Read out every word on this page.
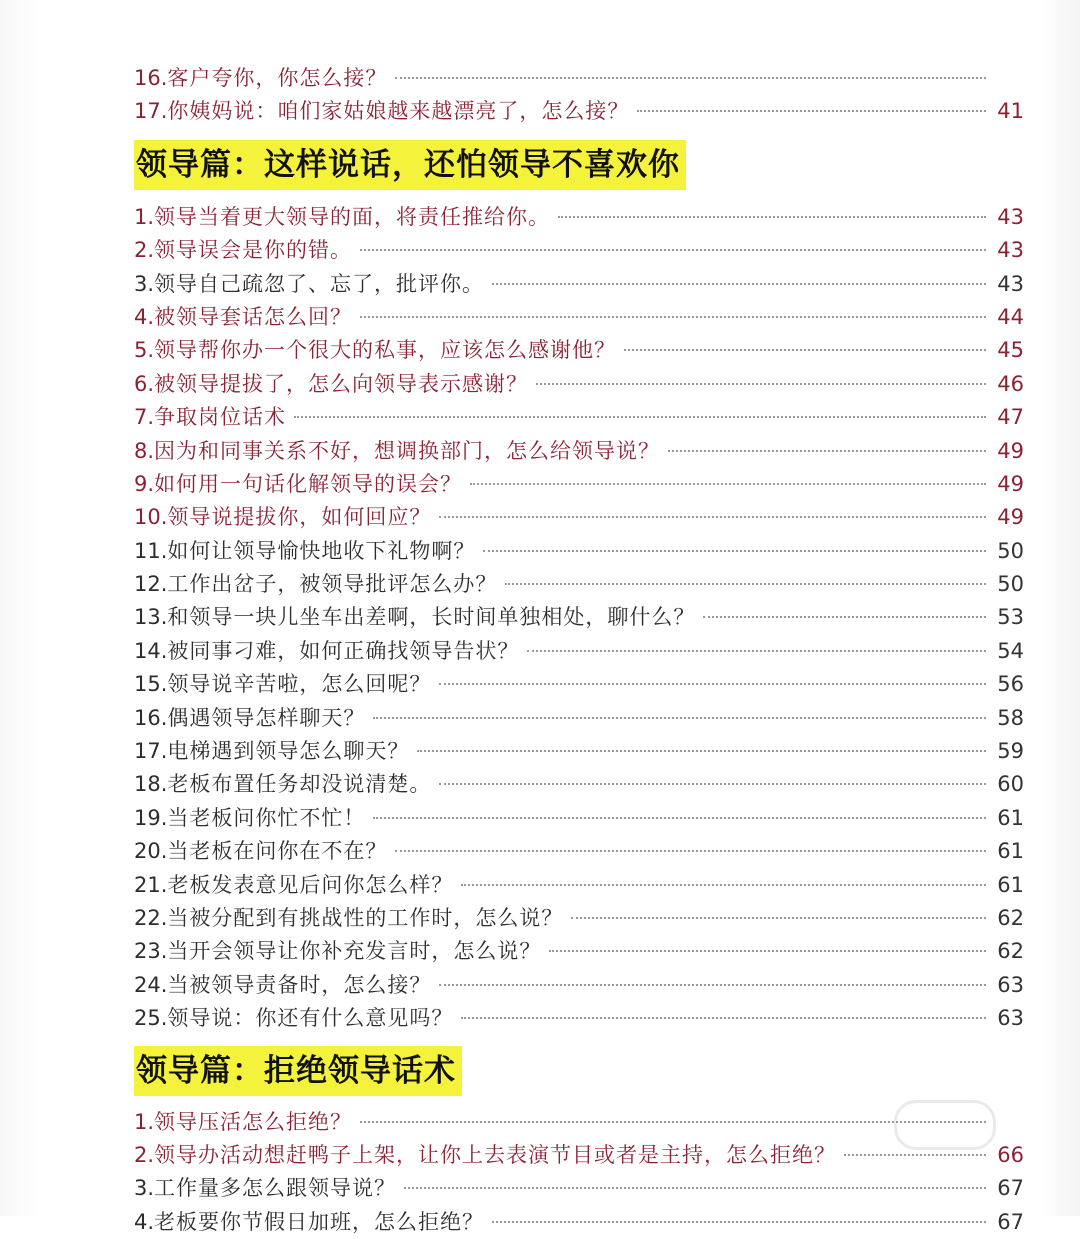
16. 客户夸你，你怎么接？
17. 你姨妈说：咱们家姑娘越来越漂亮了，怎么接？	41
领导篇：这样说话，还怕领导不喜欢你
1. 领导当着更大领导的面，将责任推给你。	43
2. 领导误会是你的错。	43
3. 领导自己疏忽了、忘了，批评你。	43
4. 被领导套话怎么回？	44
5. 领导帮你办一个很大的私事，应该怎么感谢他？	45
6. 被领导提拔了，怎么向领导表示感谢？	46
7. 争取岗位话术	47
8. 因为和同事关系不好，想调换部门，怎么给领导说？	49
9. 如何用一句话化解领导的误会？	49
10. 领导说提拔你，如何回应？	49
11. 如何让领导愉快地收下礼物啊？	50
12. 工作出岔子，被领导批评怎么办？	50
13. 和领导一块儿坐车出差啊，长时间单独相处，聊什么？	53
14. 被同事刁难，如何正确找领导告状？	54
15. 领导说辛苦啦，怎么回呢？	56
16. 偶遇领导怎样聊天？	58
17. 电梯遇到领导怎么聊天？	59
18. 老板布置任务却没说清楚。	60
19. 当老板问你忙不忙！	61
20. 当老板在问你在不在？	61
21. 老板发表意见后问你怎么样？	61
22. 当被分配到有挑战性的工作时，怎么说？	62
23. 当开会领导让你补充发言时，怎么说？	62
24. 当被领导责备时，怎么接？	63
25. 领导说：你还有什么意见吗？	63
领导篇：拒绝领导话术
1. 领导压活怎么拒绝？
2. 领导办活动想赶鸭子上架，让你上去表演节目或者是主持，怎么拒绝？	66
3. 工作量多怎么跟领导说？	67
4. 老板要你节假日加班，怎么拒绝？	67
